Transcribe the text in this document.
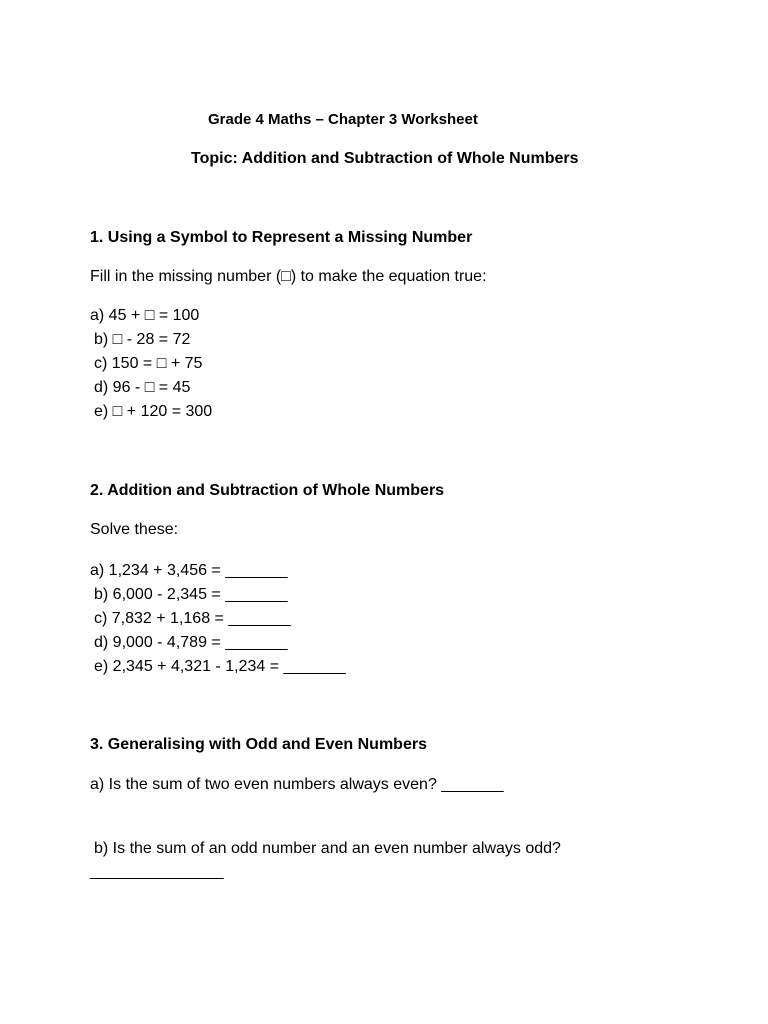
Grade 4 Maths – Chapter 3 Worksheet
Topic: Addition and Subtraction of Whole Numbers
1. Using a Symbol to Represent a Missing Number
Fill in the missing number (□) to make the equation true:
a) 45 + □ = 100
b) □ - 28 = 72
c) 150 = □ + 75
d) 96 - □ = 45
e) □ + 120 = 300
2. Addition and Subtraction of Whole Numbers
Solve these:
a) 1,234 + 3,456 = _______
b) 6,000 - 2,345 = _______
c) 7,832 + 1,168 = _______
d) 9,000 - 4,789 = _______
e) 2,345 + 4,321 - 1,234 = _______
3. Generalising with Odd and Even Numbers
a) Is the sum of two even numbers always even? _______
b) Is the sum of an odd number and an even number always odd?
_______________
